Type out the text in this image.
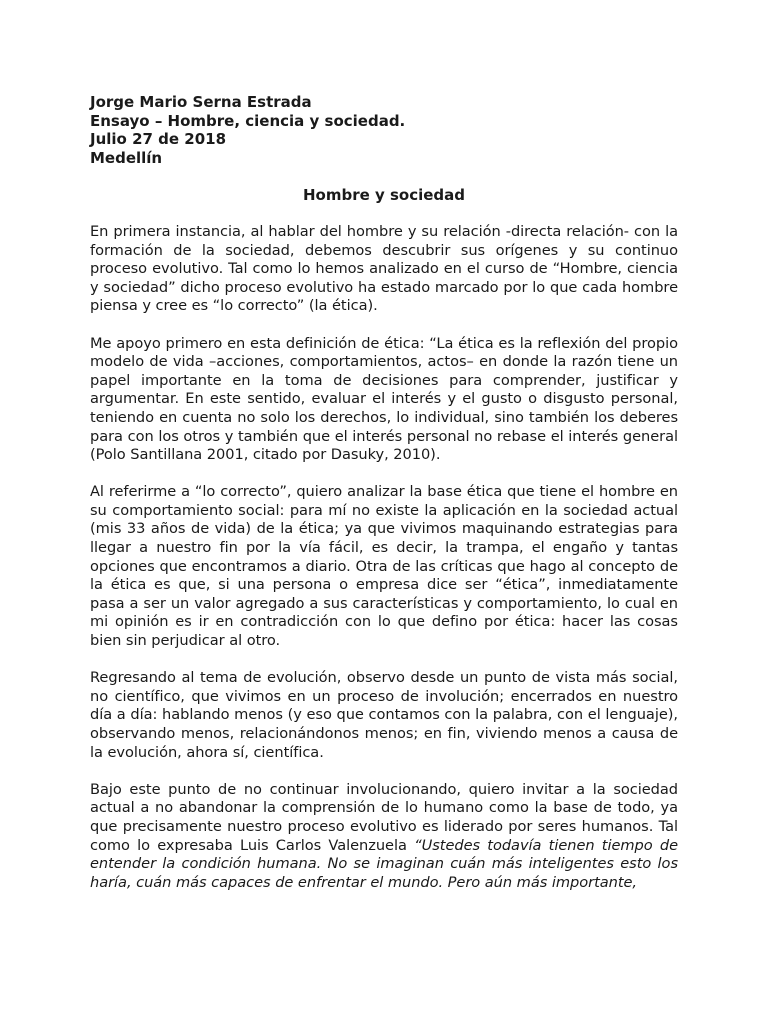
Jorge Mario Serna Estrada

Ensayo – Hombre, ciencia y sociedad.

Julio 27 de 2018

Medellín

Hombre y sociedad

En primera instancia, al hablar del hombre y su relación -directa relación- con la formación de la sociedad, debemos descubrir sus orígenes y su continuo proceso evolutivo. Tal como lo hemos analizado en el curso de “Hombre, ciencia y sociedad” dicho proceso evolutivo ha estado marcado por lo que cada hombre piensa y cree es “lo correcto” (la ética).

Me apoyo primero en esta definición de ética: “La ética es la reflexión del propio modelo de vida –acciones, comportamientos, actos– en donde la razón tiene un papel importante en la toma de decisiones para comprender, justificar y argumentar. En este sentido, evaluar el interés y el gusto o disgusto personal, teniendo en cuenta no solo los derechos, lo individual, sino también los deberes para con los otros y también que el interés personal no rebase el interés general (Polo Santillana 2001, citado por Dasuky, 2010).

Al referirme a “lo correcto”, quiero analizar la base ética que tiene el hombre en su comportamiento social: para mí no existe la aplicación en la sociedad actual (mis 33 años de vida) de la ética; ya que vivimos maquinando estrategias para llegar a nuestro fin por la vía fácil, es decir, la trampa, el engaño y tantas opciones que encontramos a diario. Otra de las críticas que hago al concepto de la ética es que, si una persona o empresa dice ser “ética”, inmediatamente pasa a ser un valor agregado a sus características y comportamiento, lo cual en mi opinión es ir en contradicción con lo que defino por ética: hacer las cosas bien sin perjudicar al otro.

Regresando al tema de evolución, observo desde un punto de vista más social, no científico, que vivimos en un proceso de involución; encerrados en nuestro día a día: hablando menos (y eso que contamos con la palabra, con el lenguaje), observando menos, relacionándonos menos; en fin, viviendo menos a causa de la evolución, ahora sí, científica.

Bajo este punto de no continuar involucionando, quiero invitar a la sociedad actual a no abandonar la comprensión de lo humano como la base de todo, ya que precisamente nuestro proceso evolutivo es liderado por seres humanos. Tal como lo expresaba Luis Carlos Valenzuela “Ustedes todavía tienen tiempo de entender la condición humana. No se imaginan cuán más inteligentes esto los haría, cuán más capaces de enfrentar el mundo. Pero aún más importante,
